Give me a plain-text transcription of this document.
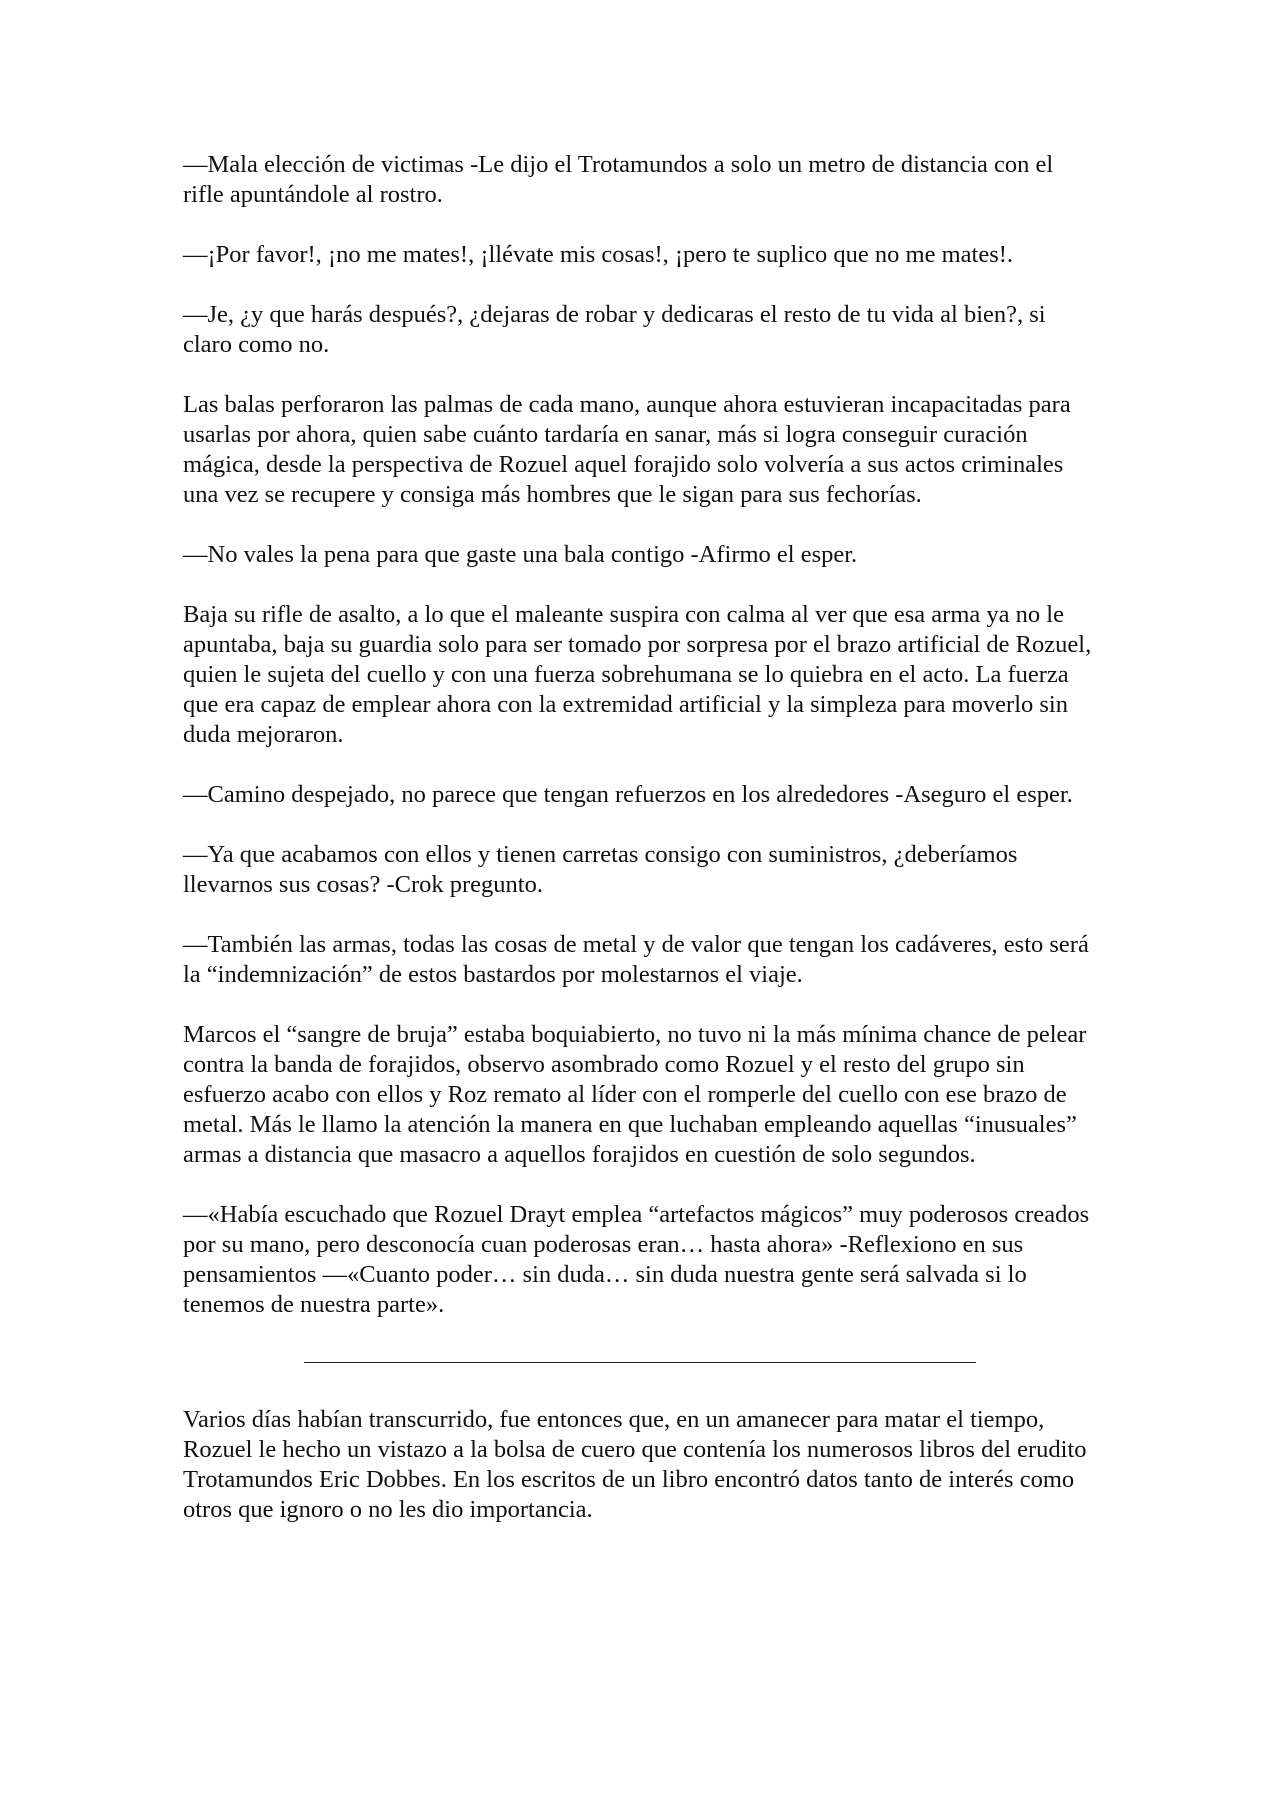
—Mala elección de victimas -Le dijo el Trotamundos a solo un metro de distancia con el rifle apuntándole al rostro.

—¡Por favor!, ¡no me mates!, ¡llévate mis cosas!, ¡pero te suplico que no me mates!.

—Je, ¿y que harás después?, ¿dejaras de robar y dedicaras el resto de tu vida al bien?, si claro como no.

Las balas perforaron las palmas de cada mano, aunque ahora estuvieran incapacitadas para usarlas por ahora, quien sabe cuánto tardaría en sanar, más si logra conseguir curación mágica, desde la perspectiva de Rozuel aquel forajido solo volvería a sus actos criminales una vez se recupere y consiga más hombres que le sigan para sus fechorías.

—No vales la pena para que gaste una bala contigo -Afirmo el esper.

Baja su rifle de asalto, a lo que el maleante suspira con calma al ver que esa arma ya no le apuntaba, baja su guardia solo para ser tomado por sorpresa por el brazo artificial de Rozuel, quien le sujeta del cuello y con una fuerza sobrehumana se lo quiebra en el acto. La fuerza que era capaz de emplear ahora con la extremidad artificial y la simpleza para moverlo sin duda mejoraron.

—Camino despejado, no parece que tengan refuerzos en los alrededores -Aseguro el esper.

—Ya que acabamos con ellos y tienen carretas consigo con suministros, ¿deberíamos llevarnos sus cosas? -Crok pregunto.

—También las armas, todas las cosas de metal y de valor que tengan los cadáveres, esto será la “indemnización” de estos bastardos por molestarnos el viaje.

Marcos el “sangre de bruja” estaba boquiabierto, no tuvo ni la más mínima chance de pelear contra la banda de forajidos, observo asombrado como Rozuel y el resto del grupo sin esfuerzo acabo con ellos y Roz remato al líder con el romperle del cuello con ese brazo de metal. Más le llamo la atención la manera en que luchaban empleando aquellas “inusuales” armas a distancia que masacro a aquellos forajidos en cuestión de solo segundos.

—«Había escuchado que Rozuel Drayt emplea “artefactos mágicos” muy poderosos creados por su mano, pero desconocía cuan poderosas eran… hasta ahora» -Reflexiono en sus pensamientos —«Cuanto poder… sin duda… sin duda nuestra gente será salvada si lo tenemos de nuestra parte».

Varios días habían transcurrido, fue entonces que, en un amanecer para matar el tiempo, Rozuel le hecho un vistazo a la bolsa de cuero que contenía los numerosos libros del erudito Trotamundos Eric Dobbes. En los escritos de un libro encontró datos tanto de interés como otros que ignoro o no les dio importancia.
